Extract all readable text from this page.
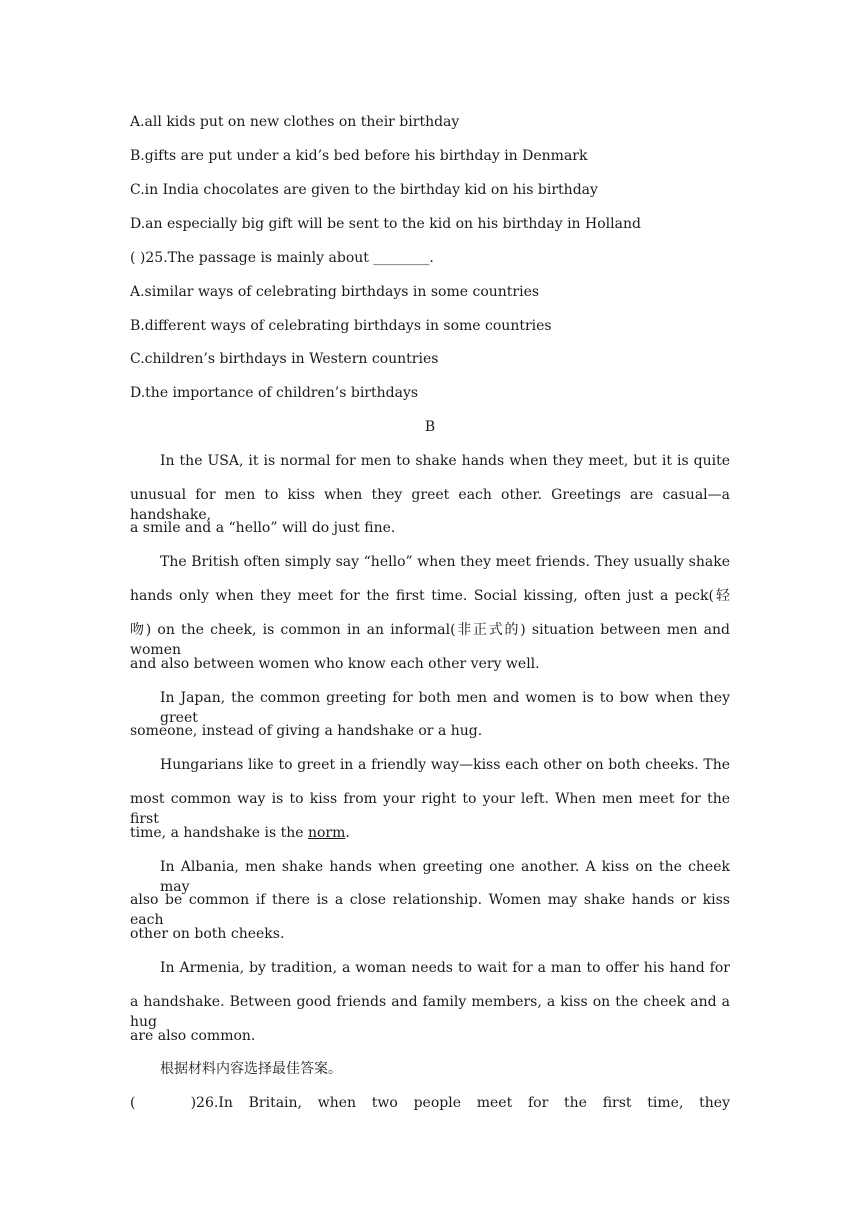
A.all kids put on new clothes on their birthday
B.gifts are put under a kid’s bed before his birthday in Denmark
C.in India chocolates are given to the birthday kid on his birthday
D.an especially big gift will be sent to the kid on his birthday in Holland
( )25.The passage is mainly about ________.
A.similar ways of celebrating birthdays in some countries
B.different ways of celebrating birthdays in some countries
C.children’s birthdays in Western countries
D.the importance of children’s birthdays
B
In the USA, it is normal for men to shake hands when they meet, but it is quite
unusual for men to kiss when they greet each other. Greetings are casual—a handshake,
a smile and a “hello” will do just fine.
The British often simply say “hello” when they meet friends. They usually shake
hands only when they meet for the first time. Social kissing, often just a peck(轻
吻) on the cheek, is common in an informal(非正式的) situation between men and women
and also between women who know each other very well.
In Japan, the common greeting for both men and women is to bow when they greet
someone, instead of giving a handshake or a hug.
Hungarians like to greet in a friendly way—kiss each other on both cheeks. The
most common way is to kiss from your right to your left. When men meet for the first
time, a handshake is the norm.
In Albania, men shake hands when greeting one another. A kiss on the cheek may
also be common if there is a close relationship. Women may shake hands or kiss each
other on both cheeks.
In Armenia, by tradition, a woman needs to wait for a man to offer his hand for
a handshake. Between good friends and family members, a kiss on the cheek and a hug
are also common.
根据材料内容选择最佳答案。
(       )26.In  Britain,  when  two  people  meet  for  the  first  time,  they
